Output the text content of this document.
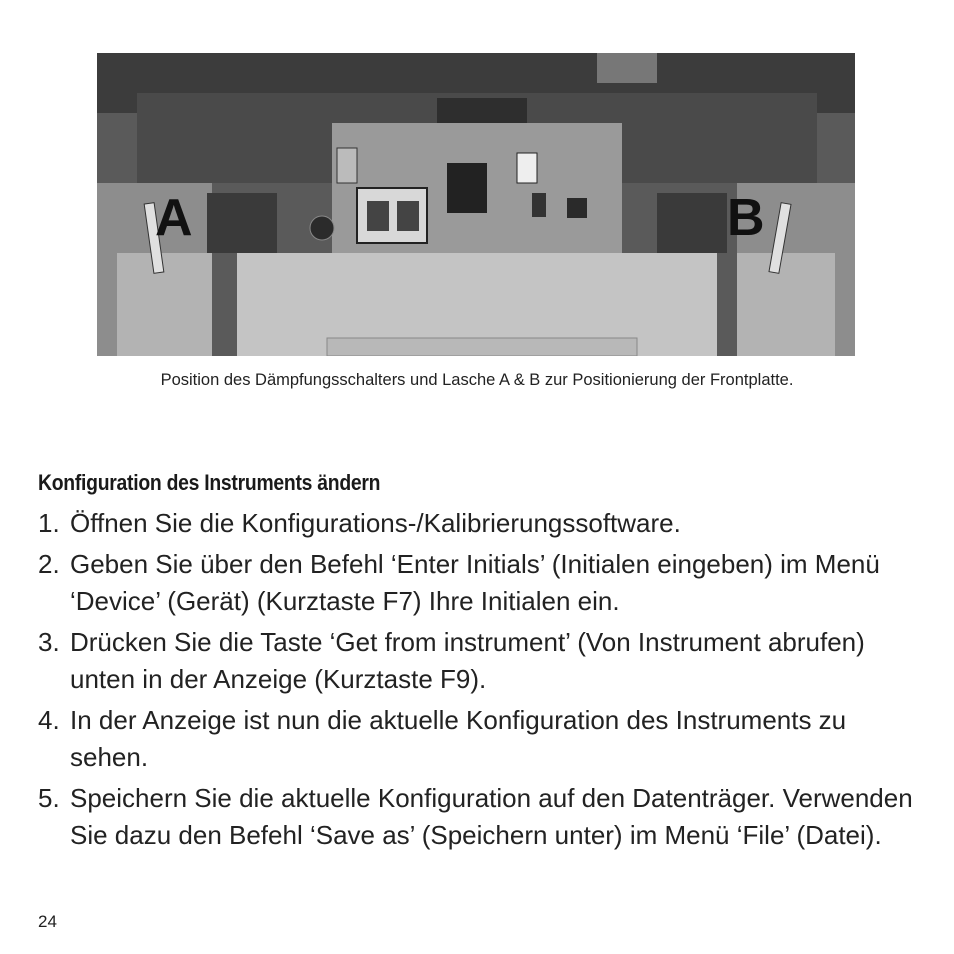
A	B
Position des Dämpfungsschalters und Lasche A & B zur Positionierung der Frontplatte.
Konfiguration des Instruments ändern
1. Öffnen Sie die Konfigurations-/Kalibrierungssoftware.
2. Geben Sie über den Befehl ‘Enter Initials’ (Initialen eingeben) im Menü ‘Device’ (Gerät) (Kurztaste F7) Ihre Initialen ein.
3. Drücken Sie die Taste ‘Get from instrument’ (Von Instrument abrufen) unten in der Anzeige (Kurztaste F9).
4. In der Anzeige ist nun die aktuelle Konfiguration des Instruments zu sehen.
5. Speichern Sie die aktuelle Konfiguration auf den Datenträger. Verwenden Sie dazu den Befehl ‘Save as’ (Speichern unter) im Menü ‘File’ (Datei).
24
